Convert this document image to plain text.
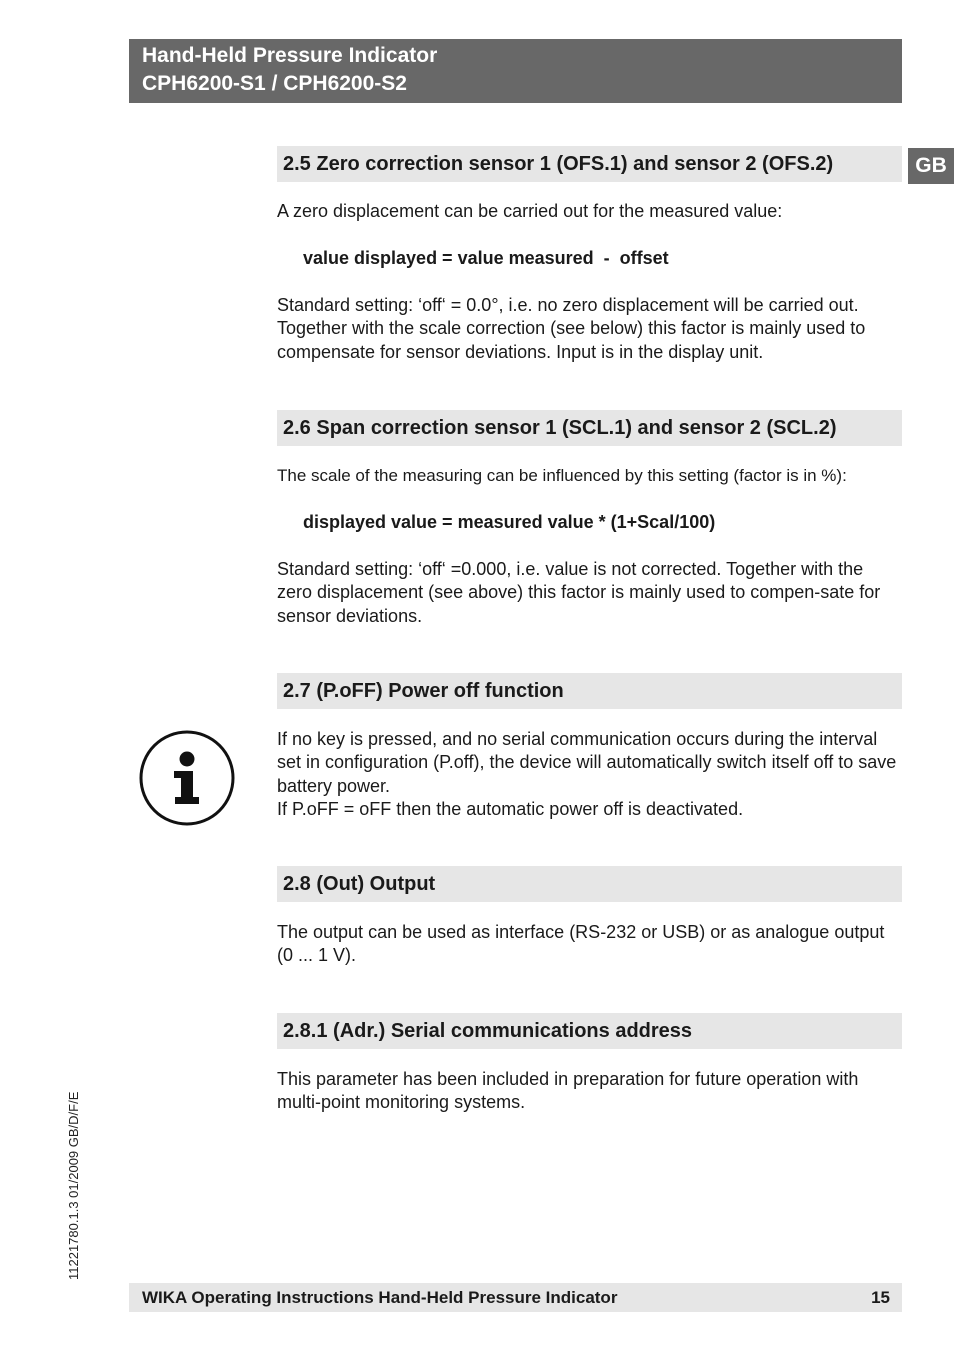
Hand-Held Pressure Indicator
CPH6200-S1 / CPH6200-S2
GB
2.5 Zero correction sensor 1 (OFS.1) and sensor 2 (OFS.2)

A zero displacement can be carried out for the measured value:

value displayed = value measured  -  offset

Standard setting: ‘off‘ = 0.0°, i.e. no zero displacement will be carried out. Together with the scale correction (see below) this factor is mainly used to compensate for sensor deviations. Input is in the display unit.

2.6 Span correction sensor 1 (SCL.1) and sensor 2 (SCL.2)

The scale of the measuring can be influenced by this setting (factor is in %):

displayed value = measured value * (1+Scal/100)

Standard setting: ‘off‘ =0.000, i.e. value is not corrected. Together with the zero displacement (see above) this factor is mainly used to compen-sate for sensor deviations.

2.7 (P.oFF) Power off function

If no key is pressed, and no serial communication occurs during the interval set in configuration (P.off), the device will automatically switch itself off to save battery power.

If P.oFF = oFF then the automatic power off is deactivated.

2.8 (Out) Output

The output can be used as interface (RS-232 or USB) or as analogue output (0 ... 1 V).

2.8.1 (Adr.) Serial communications address

This parameter has been included in preparation for future operation with multi-point monitoring systems.

11221780.1.3 01/2009 GB/D/F/E
WIKA Operating Instructions Hand-Held Pressure Indicator	15
